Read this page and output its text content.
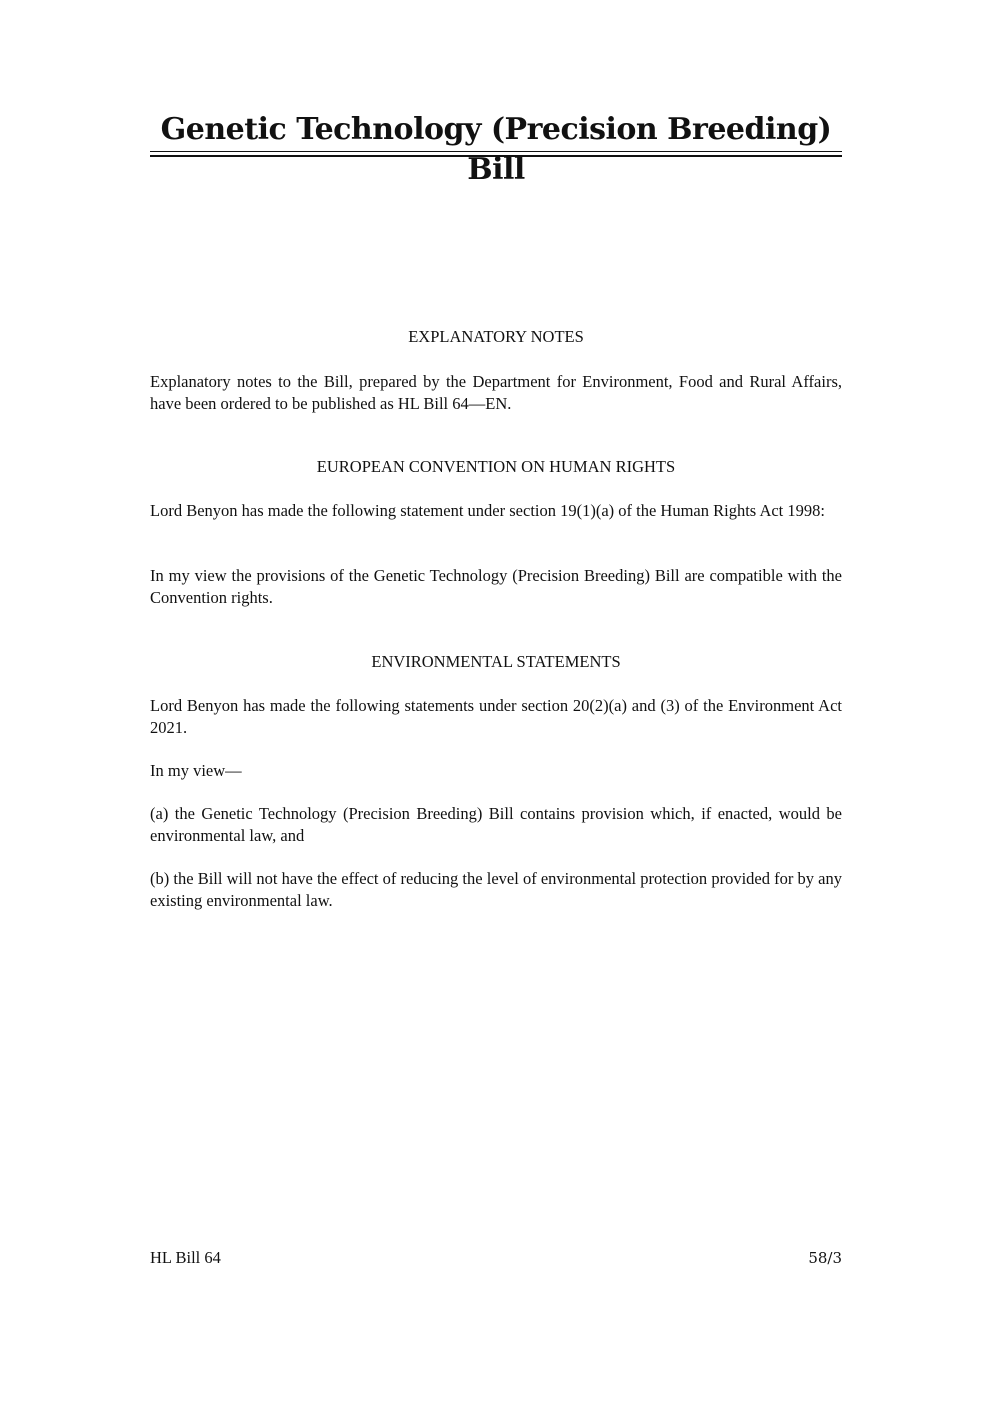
Genetic Technology (Precision Breeding) Bill
EXPLANATORY NOTES
Explanatory notes to the Bill, prepared by the Department for Environment, Food and Rural Affairs, have been ordered to be published as HL Bill 64—EN.
EUROPEAN CONVENTION ON HUMAN RIGHTS
Lord Benyon has made the following statement under section 19(1)(a) of the Human Rights Act 1998:
In my view the provisions of the Genetic Technology (Precision Breeding) Bill are compatible with the Convention rights.
ENVIRONMENTAL STATEMENTS
Lord Benyon has made the following statements under section 20(2)(a) and (3) of the Environment Act 2021.
In my view—
(a) the Genetic Technology (Precision Breeding) Bill contains provision which, if enacted, would be environmental law, and
(b) the Bill will not have the effect of reducing the level of environmental protection provided for by any existing environmental law.
HL Bill 64	58/3
